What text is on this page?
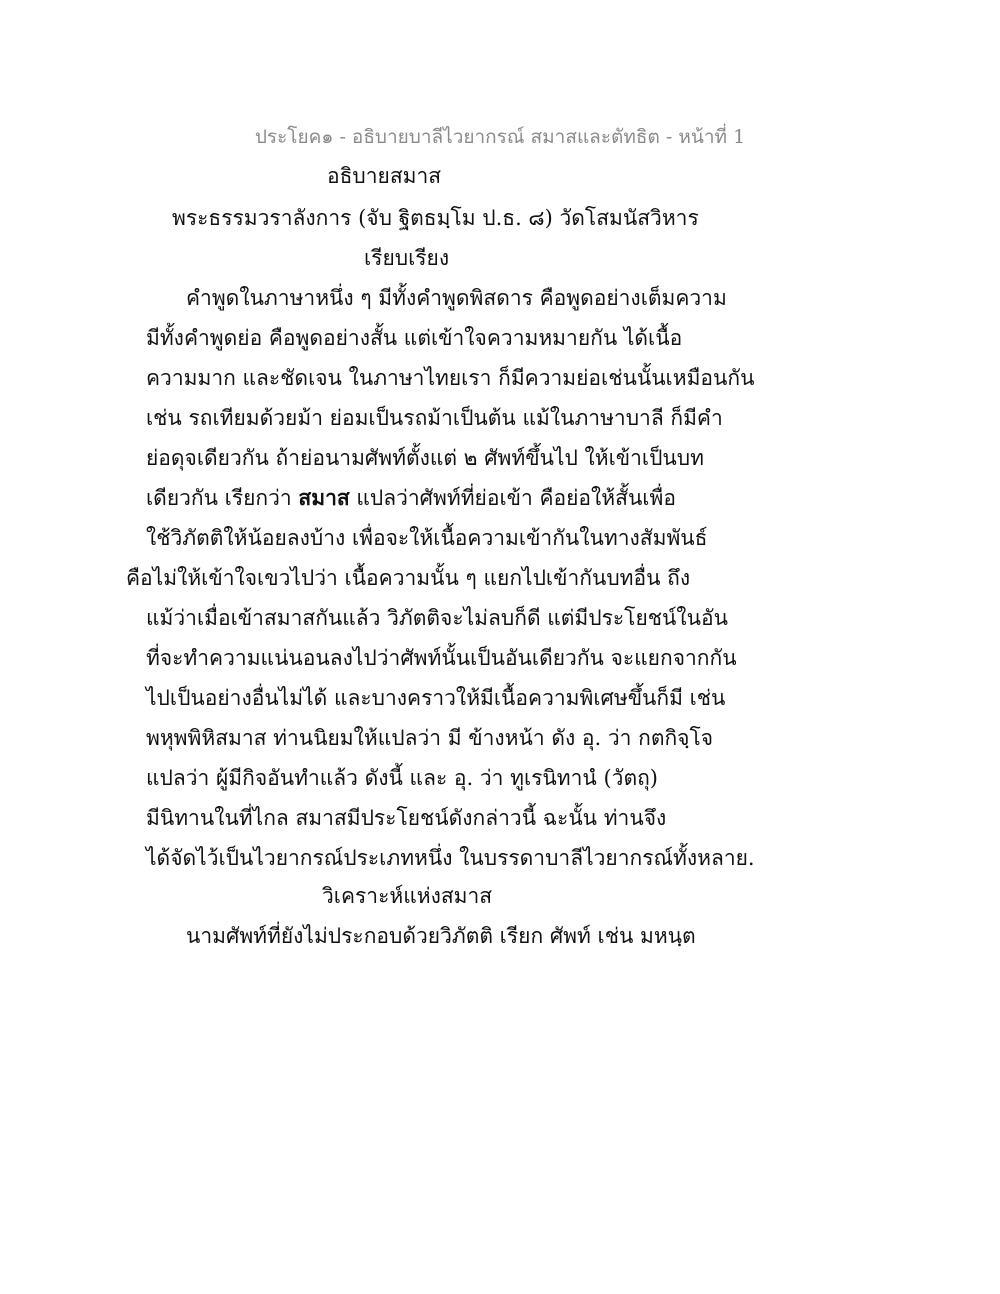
ประโยค๑ - อธิบายบาลีไวยากรณ์ สมาสและตัทธิต - หน้าที่ 1
อธิบายสมาส
พระธรรมวราลังการ (จับ ฐิตธมฺโม ป.ธ. ๘) วัดโสมนัสวิหาร
เรียบเรียง
คำพูดในภาษาหนึ่ง ๆ มีทั้งคำพูดพิสดาร คือพูดอย่างเต็มความ
มีทั้งคำพูดย่อ คือพูดอย่างสั้น แต่เข้าใจความหมายกัน ได้เนื้อ
ความมาก และชัดเจน ในภาษาไทยเรา ก็มีความย่อเช่นนั้นเหมือนกัน
เช่น รถเทียมด้วยม้า ย่อมเป็นรถม้าเป็นต้น แม้ในภาษาบาลี ก็มีคำ
ย่อดุจเดียวกัน ถ้าย่อนามศัพท์ตั้งแต่ ๒ ศัพท์ขึ้นไป ให้เข้าเป็นบท
เดียวกัน เรียกว่า สมาส แปลว่าศัพท์ที่ย่อเข้า คือย่อให้สั้นเพื่อ
ใช้วิภัตติให้น้อยลงบ้าง เพื่อจะให้เนื้อความเข้ากันในทางสัมพันธ์
คือไม่ให้เข้าใจเขวไปว่า เนื้อความนั้น ๆ แยกไปเข้ากันบทอื่น ถึง
แม้ว่าเมื่อเข้าสมาสกันแล้ว วิภัตติจะไม่ลบก็ดี แต่มีประโยชน์ในอัน
ที่จะทำความแน่นอนลงไปว่าศัพท์นั้นเป็นอันเดียวกัน จะแยกจากกัน
ไปเป็นอย่างอื่นไม่ได้ และบางคราวให้มีเนื้อความพิเศษขึ้นก็มี เช่น
พหุพพิหิสมาส ท่านนิยมให้แปลว่า มี ข้างหน้า ดัง อุ. ว่า กตกิจฺโจ
แปลว่า ผู้มีกิจอันทำแล้ว ดังนี้ และ อุ. ว่า ทูเรนิทานํ (วัตถุ)
มีนิทานในที่ไกล สมาสมีประโยชน์ดังกล่าวนี้ ฉะนั้น ท่านจึง
ได้จัดไว้เป็นไวยากรณ์ประเภทหนึ่ง ในบรรดาบาลีไวยากรณ์ทั้งหลาย.
วิเคราะห์แห่งสมาส
นามศัพท์ที่ยังไม่ประกอบด้วยวิภัตติ เรียก ศัพท์ เช่น มหนฺต
